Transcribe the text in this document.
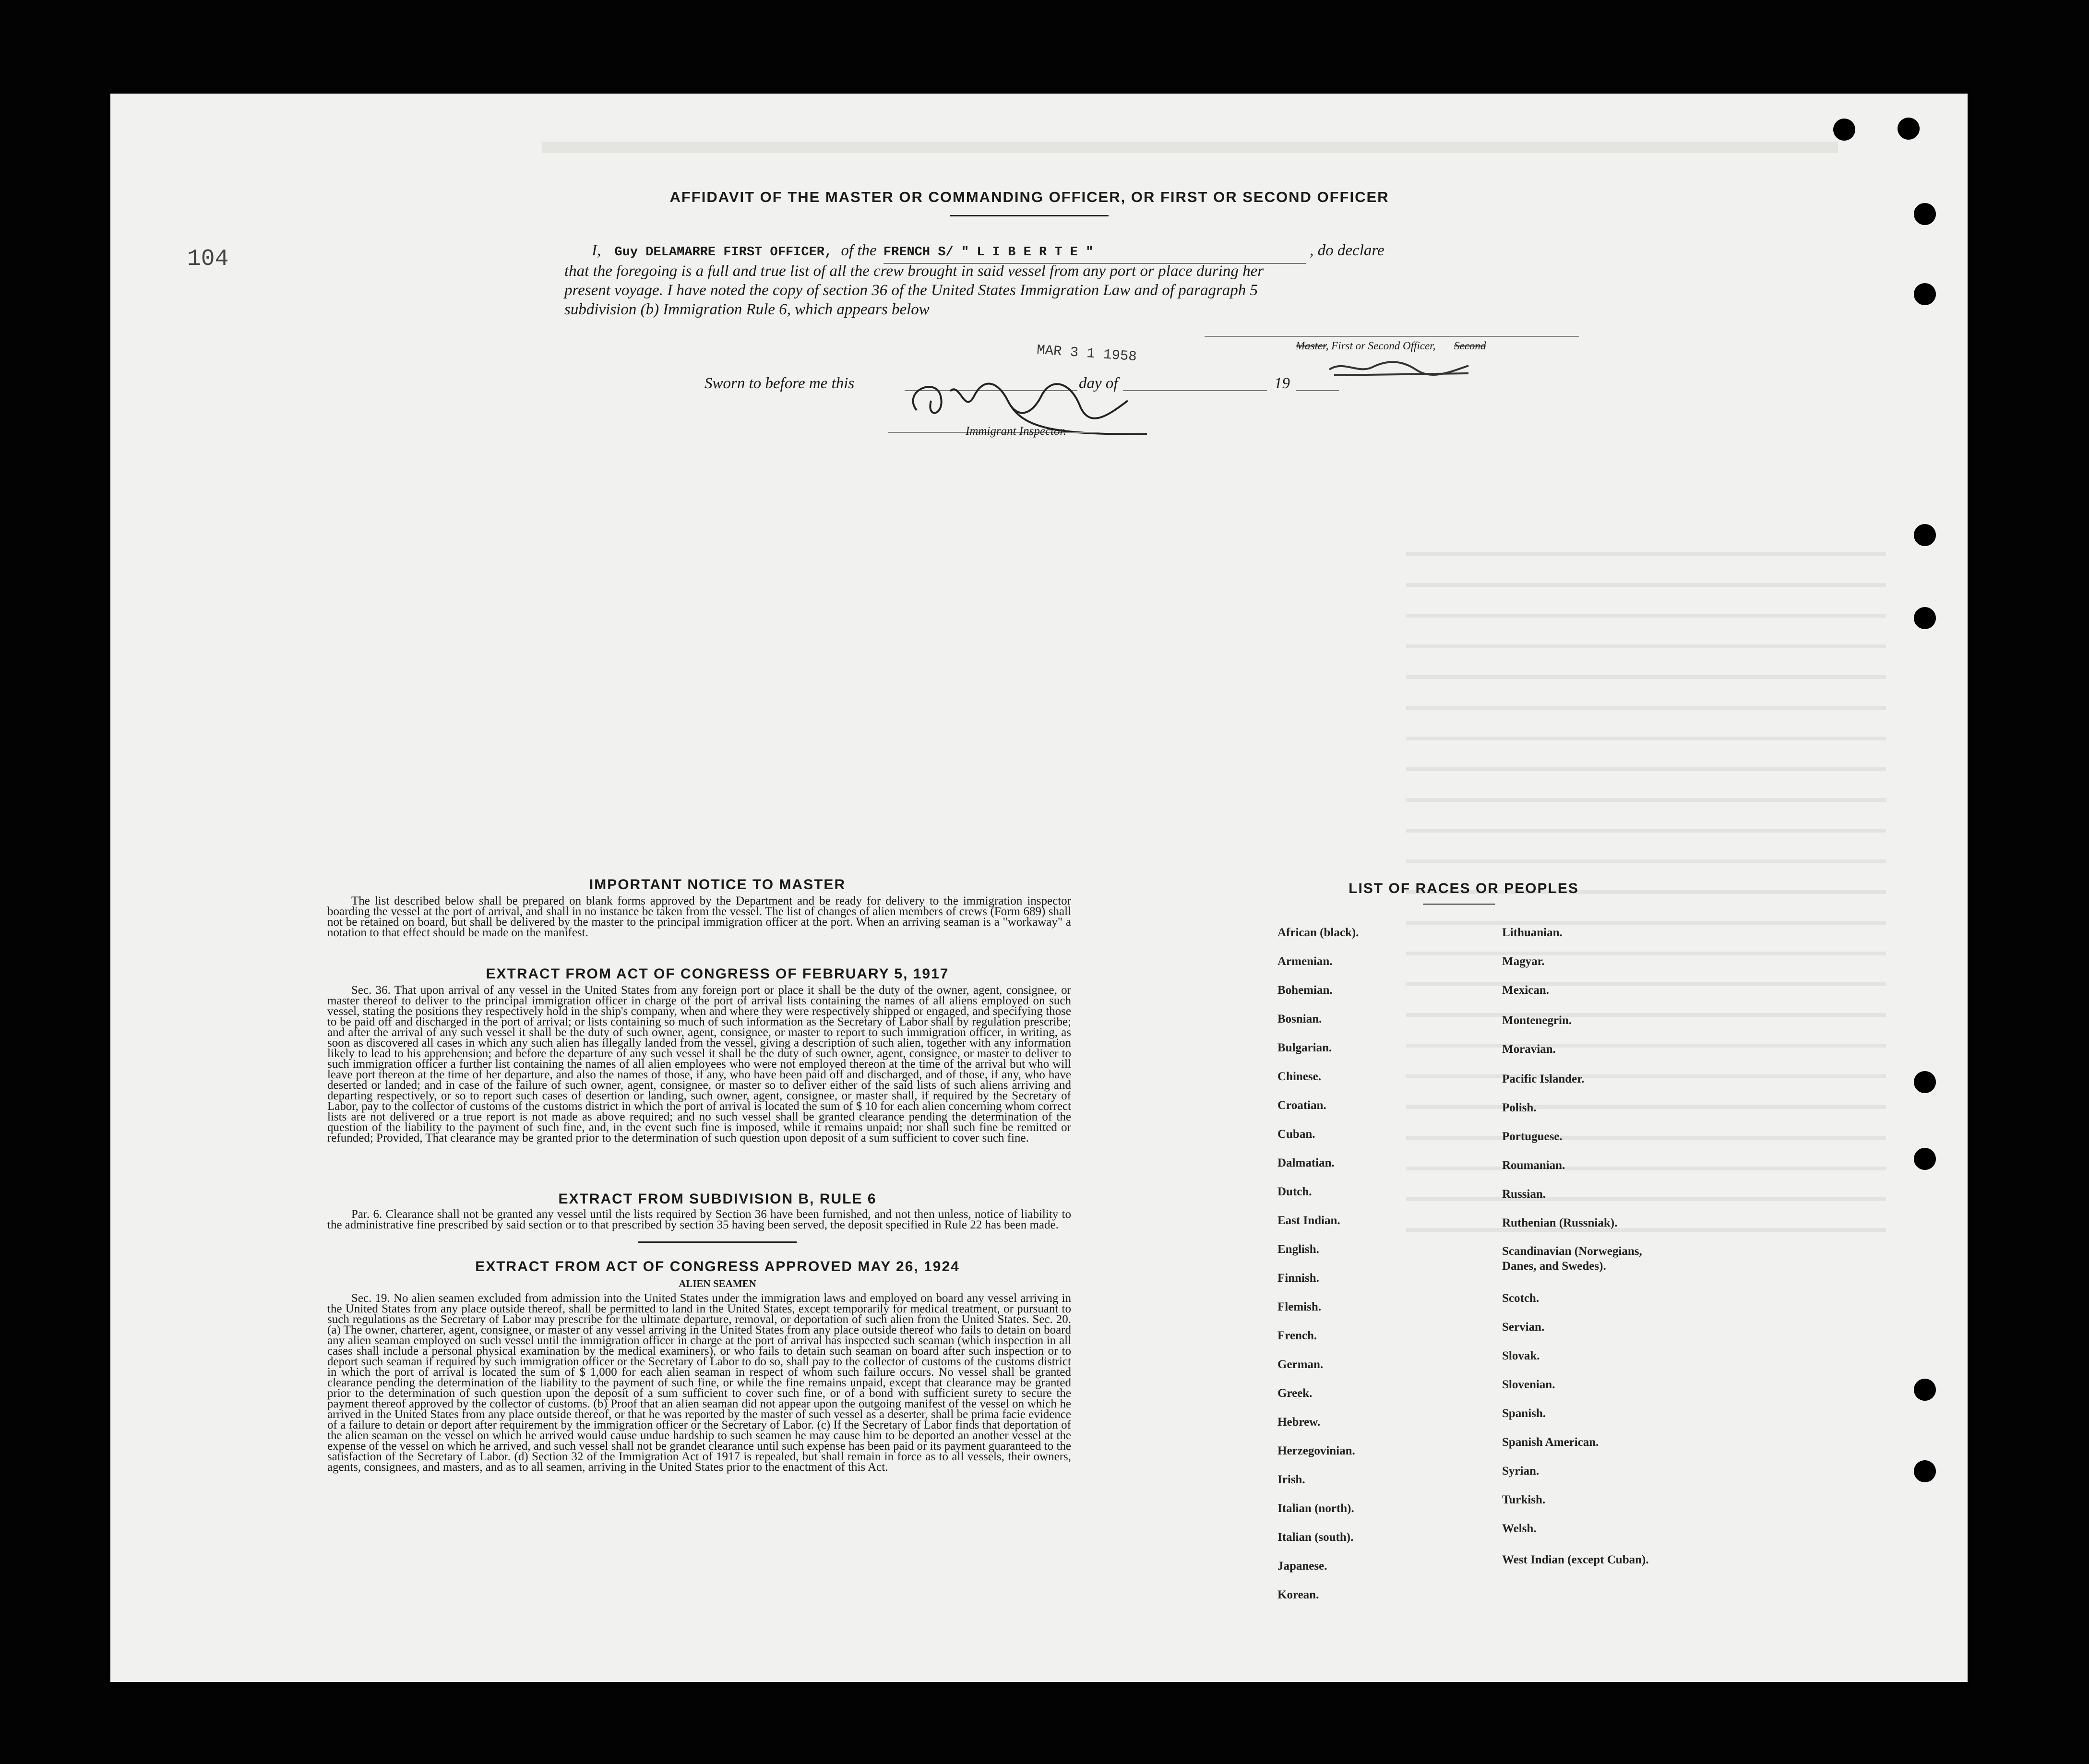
104
AFFIDAVIT OF THE MASTER OR COMMANDING OFFICER, OR FIRST OR SECOND OFFICER
I, Guy DELAMARRE FIRST OFFICER, of the FRENCH S/ " L I B E R T E "	, do declare
that the foregoing is a full and true list of all the crew brought in said vessel from any port or place during her
present voyage. I have noted the copy of section 36 of the United States Immigration Law and of paragraph 5
subdivision (b) Immigration Rule 6, which appears below
Master, First or Second Officer, Second
MAR 3 1 1958
Sworn to before me this	day of	19
Immigrant Inspector.
IMPORTANT NOTICE TO MASTER
The list described below shall be prepared on blank forms approved by the Department and be ready for delivery to the immigration inspector boarding the vessel at the port of arrival, and shall in no instance be taken from the vessel. The list of changes of alien members of crews (Form 689) shall not be retained on board, but shall be delivered by the master to the principal immigration officer at the port. When an arriving seaman is a "workaway" a notation to that effect should be made on the manifest.
EXTRACT FROM ACT OF CONGRESS OF FEBRUARY 5, 1917
Sec. 36. That upon arrival of any vessel in the United States from any foreign port or place it shall be the duty of the owner, agent, consignee, or master thereof to deliver to the principal immigration officer in charge of the port of arrival lists containing the names of all aliens employed on such vessel, stating the positions they respectively hold in the ship's company, when and where they were respectively shipped or engaged, and specifying those to be paid off and discharged in the port of arrival; or lists containing so much of such information as the Secretary of Labor shall by regulation prescribe; and after the arrival of any such vessel it shall be the duty of such owner, agent, consignee, or master to report to such immigration officer, in writing, as soon as discovered all cases in which any such alien has illegally landed from the vessel, giving a description of such alien, together with any information likely to lead to his apprehension; and before the departure of any such vessel it shall be the duty of such owner, agent, consignee, or master to deliver to such immigration officer a further list containing the names of all alien employees who were not employed thereon at the time of the arrival but who will leave port thereon at the time of her departure, and also the names of those, if any, who have been paid off and discharged, and of those, if any, who have deserted or landed; and in case of the failure of such owner, agent, consignee, or master so to deliver either of the said lists of such aliens arriving and departing respectively, or so to report such cases of desertion or landing, such owner, agent, consignee, or master shall, if required by the Secretary of Labor, pay to the collector of customs of the customs district in which the port of arrival is located the sum of $ 10 for each alien concerning whom correct lists are not delivered or a true report is not made as above required; and no such vessel shall be granted clearance pending the determination of the question of the liability to the payment of such fine, and, in the event such fine is imposed, while it remains unpaid; nor shall such fine be remitted or refunded; Provided, That clearance may be granted prior to the determination of such question upon deposit of a sum sufficient to cover such fine.
EXTRACT FROM SUBDIVISION B, RULE 6
Par. 6. Clearance shall not be granted any vessel until the lists required by Section 36 have been furnished, and not then unless, notice of liability to the administrative fine prescribed by said section or to that prescribed by section 35 having been served, the deposit specified in Rule 22 has been made.
EXTRACT FROM ACT OF CONGRESS APPROVED MAY 26, 1924
ALIEN SEAMEN
Sec. 19. No alien seamen excluded from admission into the United States under the immigration laws and employed on board any vessel arriving in the United States from any place outside thereof, shall be permitted to land in the United States, except temporarily for medical treatment, or pursuant to such regulations as the Secretary of Labor may prescribe for the ultimate departure, removal, or deportation of such alien from the United States. Sec. 20. (a) The owner, charterer, agent, consignee, or master of any vessel arriving in the United States from any place outside thereof who fails to detain on board any alien seaman employed on such vessel until the immigration officer in charge at the port of arrival has inspected such seaman (which inspection in all cases shall include a personal physical examination by the medical examiners), or who fails to detain such seaman on board after such inspection or to deport such seaman if required by such immigration officer or the Secretary of Labor to do so, shall pay to the collector of customs of the customs district in which the port of arrival is located the sum of $ 1,000 for each alien seaman in respect of whom such failure occurs. No vessel shall be granted clearance pending the determination of the liability to the payment of such fine, or while the fine remains unpaid, except that clearance may be granted prior to the determination of such question upon the deposit of a sum sufficient to cover such fine, or of a bond with sufficient surety to secure the payment thereof approved by the collector of customs. (b) Proof that an alien seaman did not appear upon the outgoing manifest of the vessel on which he arrived in the United States from any place outside thereof, or that he was reported by the master of such vessel as a deserter, shall be prima facie evidence of a failure to detain or deport after requirement by the immigration officer or the Secretary of Labor. (c) If the Secretary of Labor finds that deportation of the alien seaman on the vessel on which he arrived would cause undue hardship to such seamen he may cause him to be deported an another vessel at the expense of the vessel on which he arrived, and such vessel shall not be grandet clearance until such expense has been paid or its payment guaranteed to the satisfaction of the Secretary of Labor. (d) Section 32 of the Immigration Act of 1917 is repealed, but shall remain in force as to all vessels, their owners, agents, consignees, and masters, and as to all seamen, arriving in the United States prior to the enactment of this Act.
LIST OF RACES OR PEOPLES
African (black).
Armenian.
Bohemian.
Bosnian.
Bulgarian.
Chinese.
Croatian.
Cuban.
Dalmatian.
Dutch.
East Indian.
English.
Finnish.
Flemish.
French.
German.
Greek.
Hebrew.
Herzegovinian.
Irish.
Italian (north).
Italian (south).
Japanese.
Korean.
Lithuanian.
Magyar.
Mexican.
Montenegrin.
Moravian.
Pacific Islander.
Polish.
Portuguese.
Roumanian.
Russian.
Ruthenian (Russniak).
Scandinavian (Norwegians, Danes, and Swedes).
Scotch.
Servian.
Slovak.
Slovenian.
Spanish.
Spanish American.
Syrian.
Turkish.
Welsh.
West Indian (except Cuban).
